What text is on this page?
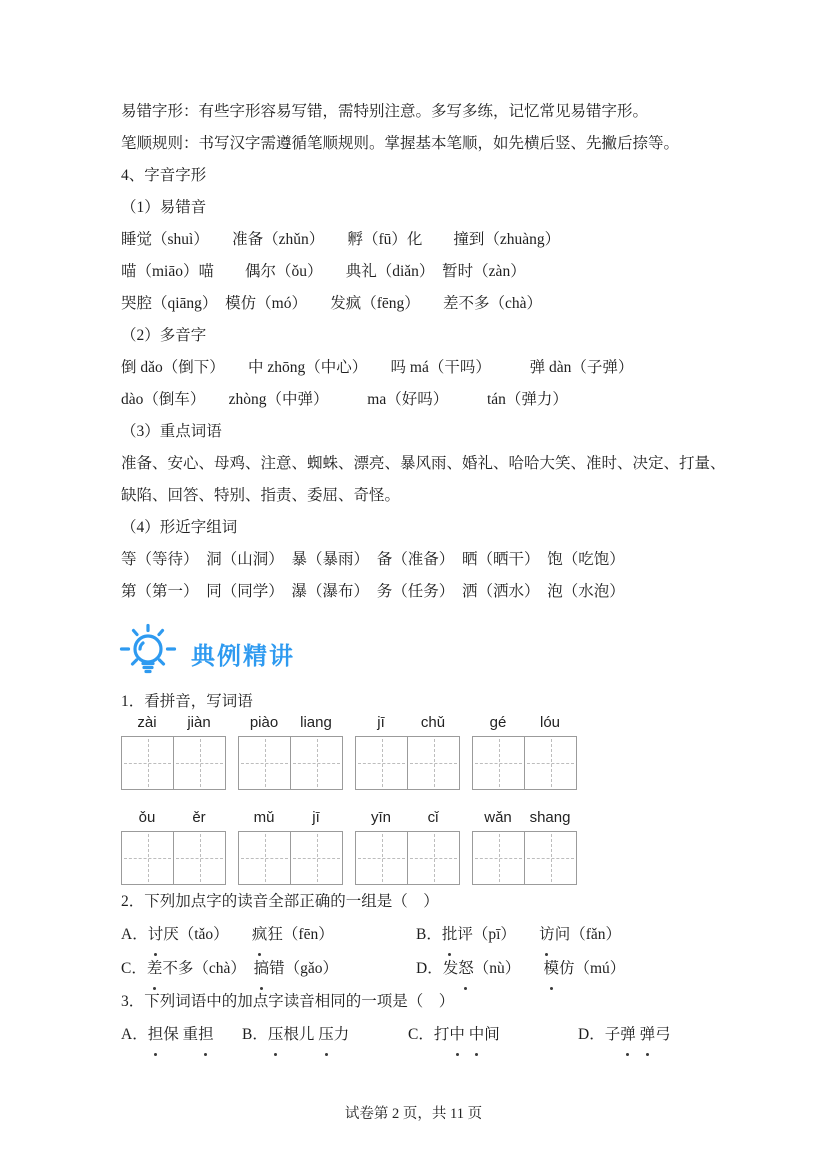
易错字形：有些字形容易写错，需特别注意。多写多练，记忆常见易错字形。

笔顺规则：书写汉字需遵循笔顺规则。掌握基本笔顺，如先横后竖、先撇后捺等。

4、字音字形

（1）易错音

睡觉（shuì）　　准备（zhǔn）　　孵（fū）化　　撞到（zhuàng）

喵（miāo）喵　　偶尔（ǒu）　　典礼（diǎn）　暂时（zàn）

哭腔（qiāng）　模仿（mó）　　发疯（fēng）　　差不多（chà）

（2）多音字

倒 dǎo（倒下）　　中 zhōng（中心）　　吗 má（干吗）　　　弹 dàn（子弹）

dào（倒车）　　zhòng（中弹）　　　ma（好吗）　　　tán（弹力）

（3）重点词语

准备、安心、母鸡、注意、蜘蛛、漂亮、暴风雨、婚礼、哈哈大笑、准时、决定、打量、

缺陷、回答、特别、指责、委屈、奇怪。

（4）形近字组词

等（等待）　洞（山洞）　暴（暴雨）　备（准备）　晒（晒干）　饱（吃饱）

第（第一）　同（同学）　瀑（瀑布）　务（任务）　洒（洒水）　泡（水泡）

典例精讲

1．看拼音，写词语

zài	jiàn	piào	liang	jī	chǔ	gé	lóu
ǒu	ěr	mǔ	jī	yīn	cǐ	wǎn	shang

2．下列加点字的读音全部正确的一组是（　）

A．讨厌（tǎo）　　疯狂（fēn）	B．批评（pī）　　访问（fǎn）
C．差不多（chà）　搞错（gǎo）	D．发怒（nù）　　模仿（mú）

3．下列词语中的加点字读音相同的一项是（　）

A．担保 重担	B．压根儿 压力	C．打中 中间	D．子弹 弹弓
试卷第 2 页，共 11 页
